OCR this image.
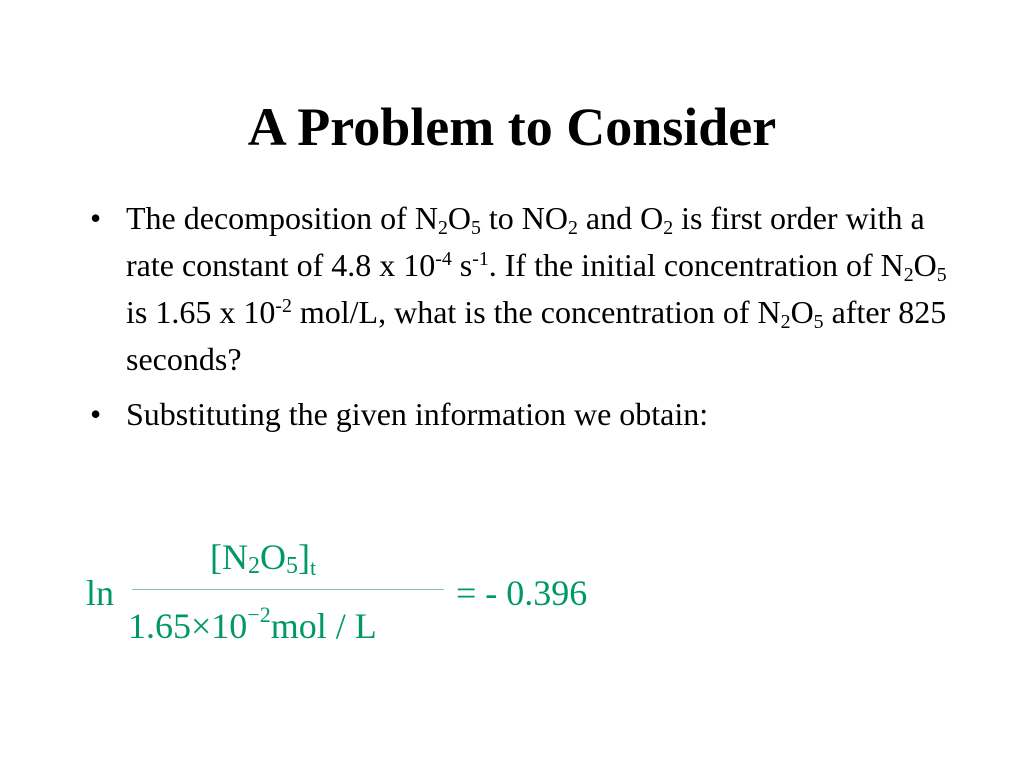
A Problem to Consider
• The decomposition of $N_2O_5$ to $NO_2$ and $O_2$ is first order with a rate constant of 4.8 x $10^{-4}$ $s^{-1}$. If the initial concentration of $N_2O_5$ is 1.65 x $10^{-2}$ mol/L, what is the concentration of $N_2O_5$ after 825 seconds?
• Substituting the given information we obtain:
ln
[N2O5]t
$1.65\times 10^{-2}mol / L$
= - 0.396
